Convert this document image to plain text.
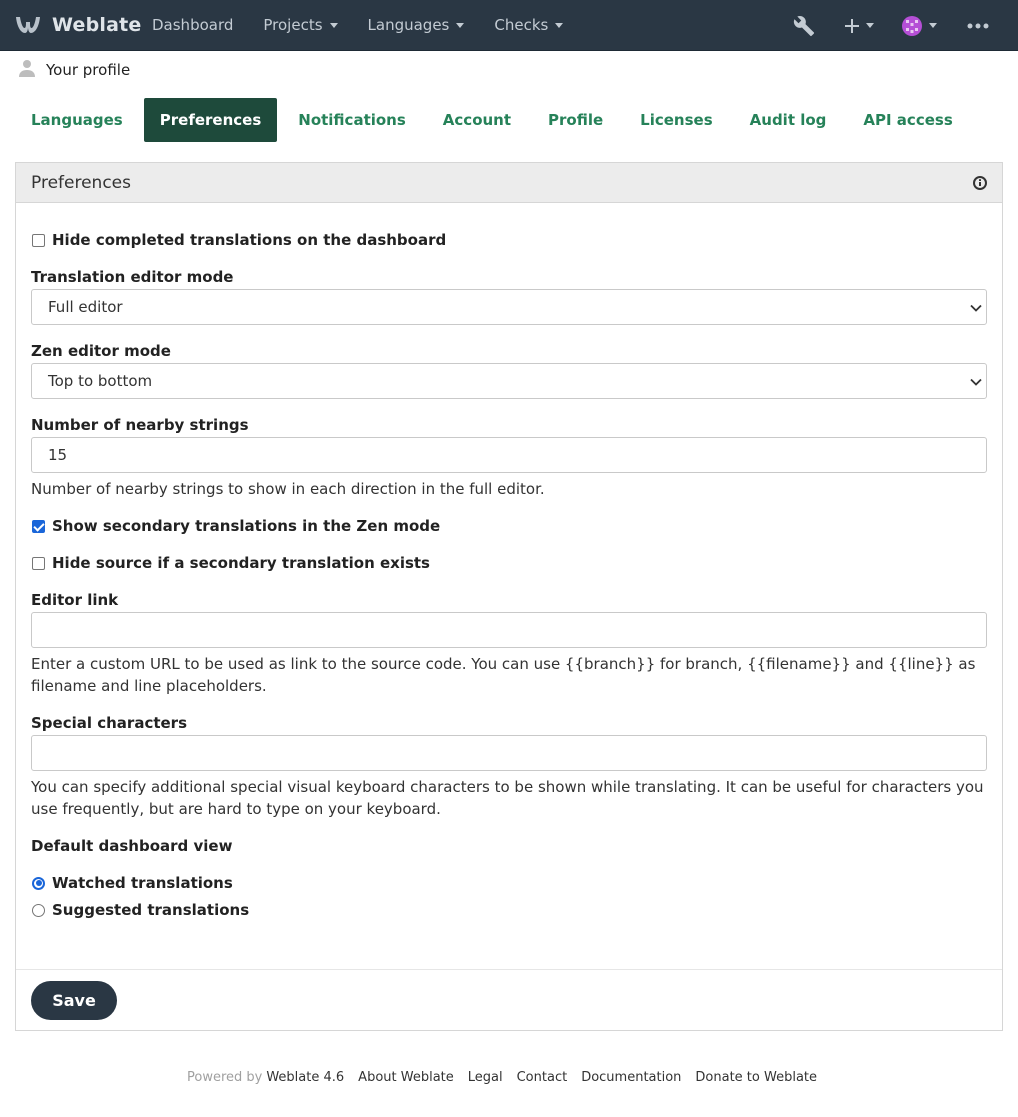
Weblate Dashboard Projects	Languages	Checks
Your profile
Languages	Preferences	Notifications	Account	Profile	Licenses	Audit log	API access
Preferences
Hide completed translations on the dashboard
Translation editor mode
Full editor
Zen editor mode
Top to bottom
Number of nearby strings
15
Number of nearby strings to show in each direction in the full editor.
Show secondary translations in the Zen mode
Hide source if a secondary translation exists
Editor link
Enter a custom URL to be used as link to the source code. You can use {{branch}} for branch, {{filename}} and {{line}} as filename and line placeholders.
Special characters
You can specify additional special visual keyboard characters to be shown while translating. It can be useful for characters you use frequently, but are hard to type on your keyboard.
Default dashboard view
Watched translations
Suggested translations
Save
Powered by Weblate 4.6 About Weblate Legal Contact Documentation Donate to Weblate
